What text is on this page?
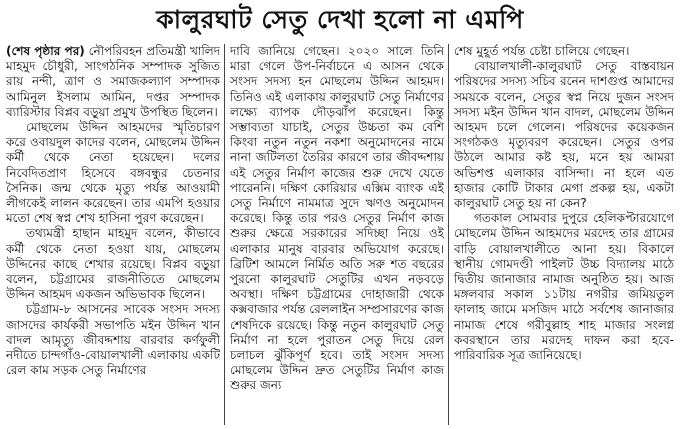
কালুরঘাট সেতু দেখা হলো না এমপি

(শেষ পৃষ্ঠার পর) নৌপরিবহন প্রতিমন্ত্রী খালিদ মাহমুদ চৌধুরী, সাংগঠনিক সম্পাদক সুজিত রায় নন্দী, ত্রাণ ও সমাজকল্যাণ সম্পাদক আমিনুল ইসলাম আমিন, দপ্তর সম্পাদক ব্যারিস্টার বিপ্লব বড়ুয়া প্রমুখ উপস্থিত ছিলেন।

মোছলেম উদ্দিন আহমদের স্মৃতিচারণ করে ওবায়দুল কাদের বলেন, মোছলেম উদ্দিন কর্মী থেকে নেতা হয়েছেন। দলের নিবেদিতপ্রাণ হিসেবে বঙ্গবন্ধুর চেতনার সৈনিক। জন্ম থেকে মৃত্যু পর্যন্ত আওয়ামী লীগকেই লালন করেছেন। তার এমপি হওয়ার মতো শেষ স্বপ্ন শেখ হাসিনা পুরণ করেছেন।

তথ্যমন্ত্রী হাছান মাহমুদ বলেন, কীভাবে কর্মী থেকে নেতা হওয়া যায়, মোছলেম উদ্দিনের কাছে শেখার রয়েছে। বিপ্লব বড়ুয়া বলেন, চট্টগ্রামের রাজনীতিতে মোছলেম উদ্দিন আহমদ একজন অভিভাবক ছিলেন।

চট্টগ্রাম-৮ আসনের সাবেক সংসদ সদস্য জাসদের কার্যকরী সভাপতি মইন উদ্দিন খান বাদল আমৃত্যু জীবদ্দশায় বারবার কর্ণফুলী নদীতে চান্দগাঁও-বোয়ালখালী এলাকায় একটি রেল কাম সড়ক সেতু নির্মাণের

দাবি জানিয়ে গেছেন। ২০২০ সালে তিনি মারা গেলে উপ-নির্বাচনে এ আসন থেকে সংসদ সদস্য হন মোছলেম উদ্দিন আহমদ। তিনিও এই এলাকায় কালুরঘাট সেতু নির্মাণের লক্ষ্যে ব্যাপক দৌড়ঝাঁপ করেছেন। কিন্তু সম্ভাব্যতা যাচাই, সেতুর উচ্চতা কম বেশি কিংবা নতুন নতুন নকশা অনুমোদনের নামে নানা জটিলতা তৈরির কারণে তার জীবদ্দশায় এই সেতুর নির্মাণ কাজের শুরু দেখে যেতে পারেননি। দক্ষিণ কোরিয়ার এক্সিম ব্যাংক এই সেতু নির্মাণে নামমাত্র সুদে ঋণও অনুমোদন করেছে। কিন্তু তার পরও সেতুর নির্মাণ কাজ শুরুর ক্ষেত্রে সরকারের সদিচ্ছা নিয়ে ওই এলাকার মানুষ বারবার অভিযোগ করেছে। ব্রিটিশ আমলে নির্মিত অতি সরু শত বছরের পুরনো কালুরঘাট সেতুটির এখন নড়বড়ে অবস্থা। দক্ষিণ চট্টগ্রামের দোহাজারী থেকে কক্সবাজার পর্যন্ত রেললাইন সম্প্রসারণের কাজ শেষদিকে রয়েছে। কিন্তু নতুন কালুরঘাট সেতু নির্মাণ না হলে পুরাতন সেতু দিয়ে রেল চলাচল ঝুঁকিপূর্ণ হবে। তাই সংসদ সদস্য মোছলেম উদ্দিন দ্রুত সেতুটির নির্মাণ কাজ শুরুর জন্য

শেষ মুহূর্ত পর্যন্ত চেষ্টা চালিয়ে গেছেন।

বোয়ালখালী-কালুরঘাট সেতু বাস্তবায়ন পরিষদের সদস্য সচিব রনেন দাশগুপ্ত আমাদের সময়কে বলেন, সেতুর স্বপ্ন নিয়ে দুজন সংসদ সদস্য মইন উদ্দিন খান বাদল, মোছলেম উদ্দিন আহমদ চলে গেলেন। পরিষদের কয়েকজন সংগঠকও মৃত্যুবরণ করেছেন। সেতুর ওপর উঠলে আমার কষ্ট হয়, মনে হয় আমরা অভিশপ্ত এলাকার বাসিন্দা। না হলে এত হাজার কোটি টাকার মেগা প্রকল্প হয়, একটা কালুরঘাট সেতু হয় না কেন?

গতকাল সোমবার দুপুরে হেলিকপ্টারযোগে মোছলেম উদ্দিন আহমদের মরদেহ তার গ্রামের বাড়ি বোয়ালখালীতে আনা হয়। বিকালে স্থানীয় গোমদণ্ডী পাইলট উচ্চ বিদ্যালয় মাঠে দ্বিতীয় জানাজার নামাজ অনুষ্ঠিত হয়। আজ মঙ্গলবার সকাল ১১টায় নগরীর জমিয়তুল ফালাহ জামে মসজিদ মাঠে সর্বশেষ জানাজার নামাজ শেষে গরীবুল্লাহ শাহ মাজার সংলগ্ন কবরস্থানে তার মরদেহ দাফন করা হবে- পারিবারিক সূত্র জানিয়েছে।
